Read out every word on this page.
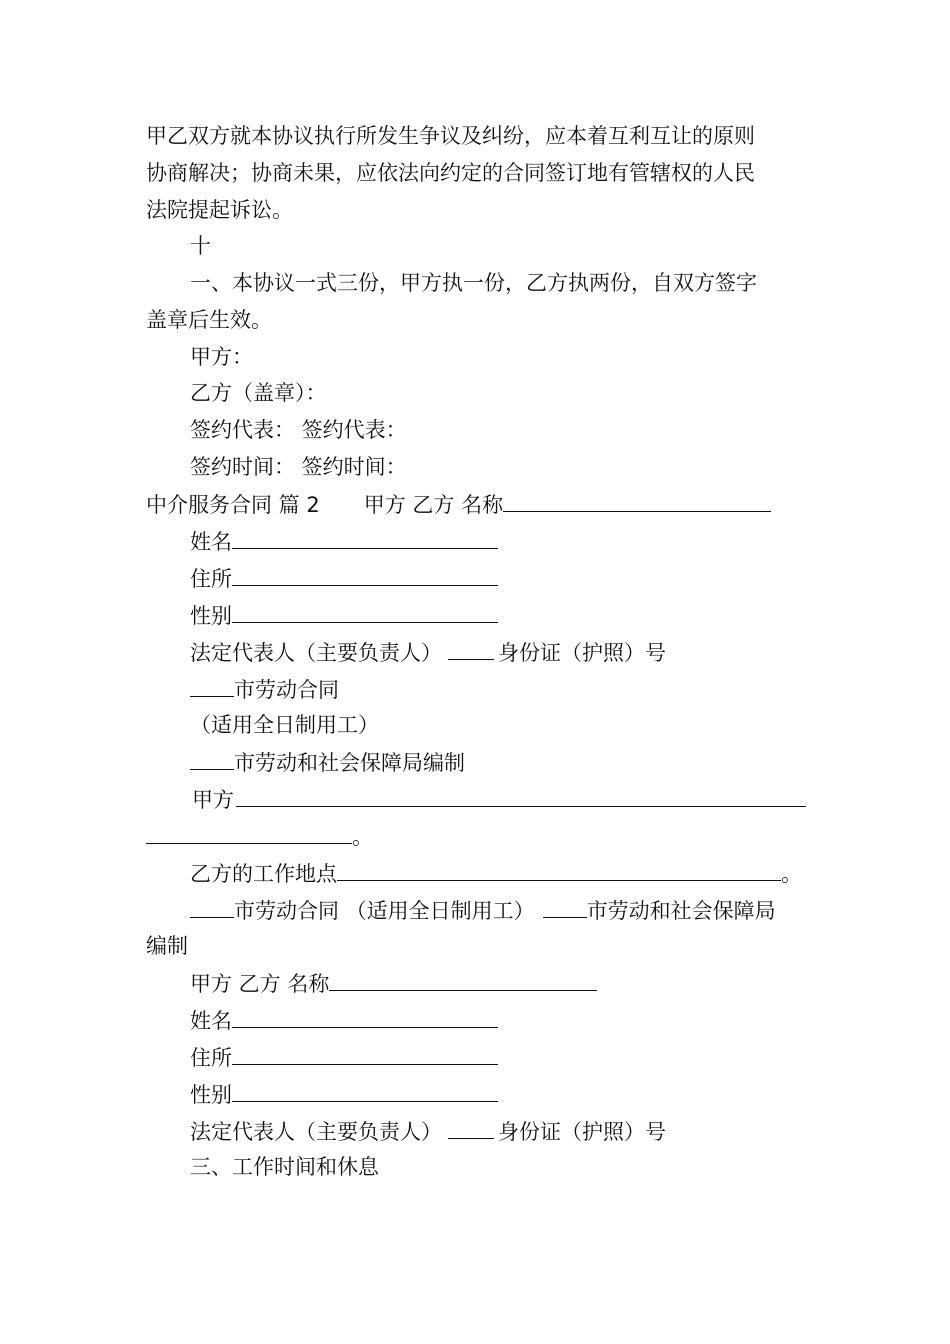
甲乙双方就本协议执行所发生争议及纠纷，应本着互利互让的原则
协商解决；协商未果，应依法向约定的合同签订地有管辖权的人民
法院提起诉讼。
十
一、本协议一式三份，甲方执一份，乙方执两份，自双方签字
盖章后生效。
甲方：
乙方（盖章）：
签约代表： 签约代表：
签约时间： 签约时间：
中介服务合同 篇 2 甲方 乙方 名称
姓名
住所
性别
法定代表人（主要负责人）	身份证（护照）号
市劳动合同
（适用全日制用工）
市劳动和社会保障局编制
甲方
。
乙方的工作地点	。
市劳动合同 （适用全日制用工） 市劳动和社会保障局
编制
甲方 乙方 名称
姓名
住所
性别
法定代表人（主要负责人）	身份证（护照）号
三、工作时间和休息
